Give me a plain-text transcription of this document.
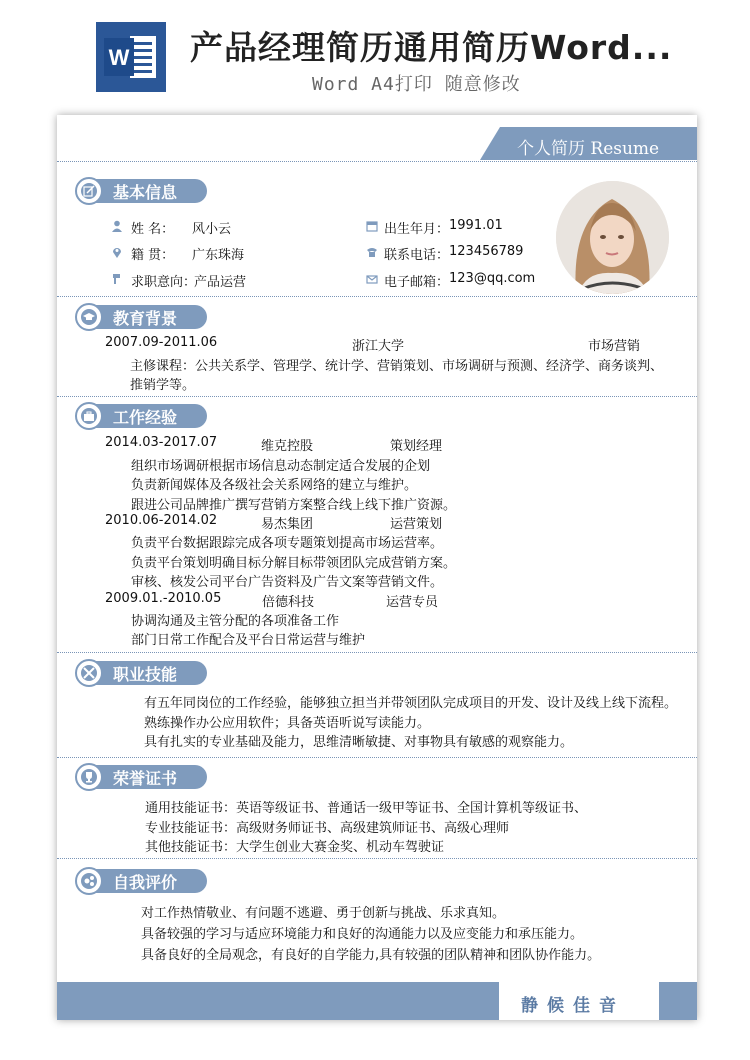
W 产品经理简历通用简历Word...
Word A4打印 随意修改
个人简历 Resume
基本信息
姓 名： 风小云
籍 贯： 广东珠海
求职意向：
产品运营
出生年月： 1991.01
联系电话： 123456789
电子邮箱： 123@qq.com
教育背景
2007.09-2011.06	浙江大学	市场营销
主修课程：公共关系学、管理学、统计学、营销策划、市场调研与预测、经济学、商务谈判、
推销学等。
工作经验
2014.03-2017.07	维克控股	策划经理
组织市场调研根据市场信息动态制定适合发展的企划
负责新闻媒体及各级社会关系网络的建立与维护。
跟进公司品牌推广撰写营销方案整合线上线下推广资源。
2010.06-2014.02	易杰集团	运营策划
负责平台数据跟踪完成各项专题策划提高市场运营率。
负责平台策划明确目标分解目标带领团队完成营销方案。
审核、核发公司平台广告资料及广告文案等营销文件。
2009.01.-2010.05	倍德科技	运营专员
协调沟通及主管分配的各项准备工作
部门日常工作配合及平台日常运营与维护
职业技能
有五年同岗位的工作经验，能够独立担当并带领团队完成项目的开发、设计及线上线下流程。
熟练操作办公应用软件；具备英语听说写读能力。
具有扎实的专业基础及能力，思维清晰敏捷、对事物具有敏感的观察能力。
荣誉证书
通用技能证书：英语等级证书、普通话一级甲等证书、全国计算机等级证书、
专业技能证书：高级财务师证书、高级建筑师证书、高级心理师
其他技能证书：大学生创业大赛金奖、机动车驾驶证
自我评价
对工作热情敬业、有问题不逃避、勇于创新与挑战、乐求真知。
具备较强的学习与适应环境能力和良好的沟通能力以及应变能力和承压能力。
具备良好的全局观念，有良好的自学能力,具有较强的团队精神和团队协作能力。
静候佳音
